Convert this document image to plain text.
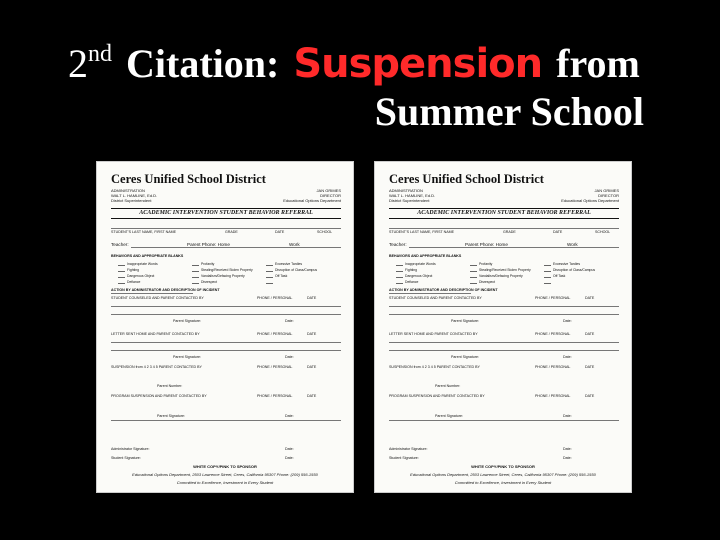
2 nd Citation: Suspension from
Summer School
Ceres Unified School District
ADMINISTRATION
WALT L. HAMLINE, Ed.D.
District Superintendent
JAN GRIMES
DIRECTOR
Educational Options Department
ACADEMIC INTERVENTION STUDENT BEHAVIOR REFERRAL
STUDENT'S LAST NAME, FIRST NAME	GRADE	DATE	SCHOOL
Teacher:	Parent Phone: Home	Work
BEHAVIORS AND APPROPRIATE BLANKS
Inappropriate Words	Profanity	Excessive Tardies
Fighting	Stealing/Received Stolen Property	Disruption of Class/Campus
Dangerous Object	Vandalism/Defacing Property	Off Task
Defiance	Disrespect
ACTION BY ADMINISTRATOR AND DESCRIPTION OF INCIDENT
STUDENT COUNSELED AND PARENT CONTACTED BY	PHONE / PERSONAL	DATE
Parent Signature:	Date:
LETTER SENT HOME AND PARENT CONTACTED BY	PHONE / PERSONAL	DATE
Parent Signature:	Date:
SUSPENSION from 4 2 3 4 5 PARENT CONTACTED BY	PHONE / PERSONAL	DATE
Parent Number:
PROGRAM SUSPENSION AND PARENT CONTACTED BY	PHONE / PERSONAL	DATE
Parent Signature:	Date:
Administrator Signature:	Date:
Student Signature:	Date:
WHITE COPY/PINK TO SPONSOR
Educational Options Department, 2503 Lawrence Street, Ceres, California 95307 Phone: (209) 556-1550
Committed to Excellence, Investment in Every Student
Ceres Unified School District
ADMINISTRATION
WALT L. HAMLINE, Ed.D.
District Superintendent
JAN GRIMES
DIRECTOR
Educational Options Department
ACADEMIC INTERVENTION STUDENT BEHAVIOR REFERRAL
STUDENT'S LAST NAME, FIRST NAME	GRADE	DATE	SCHOOL
Teacher:	Parent Phone: Home	Work
BEHAVIORS AND APPROPRIATE BLANKS
Inappropriate Words	Profanity	Excessive Tardies
Fighting	Stealing/Received Stolen Property	Disruption of Class/Campus
Dangerous Object	Vandalism/Defacing Property	Off Task
Defiance	Disrespect
ACTION BY ADMINISTRATOR AND DESCRIPTION OF INCIDENT
STUDENT COUNSELED AND PARENT CONTACTED BY	PHONE / PERSONAL	DATE
Parent Signature:	Date:
LETTER SENT HOME AND PARENT CONTACTED BY	PHONE / PERSONAL	DATE
Parent Signature:	Date:
SUSPENSION from 4 2 3 4 5 PARENT CONTACTED BY	PHONE / PERSONAL	DATE
Parent Number:
PROGRAM SUSPENSION AND PARENT CONTACTED BY	PHONE / PERSONAL	DATE
Parent Signature:	Date:
Administrator Signature:	Date:
Student Signature:	Date:
WHITE COPY/PINK TO SPONSOR
Educational Options Department, 2503 Lawrence Street, Ceres, California 95307 Phone: (209) 556-1550
Committed to Excellence, Investment in Every Student
